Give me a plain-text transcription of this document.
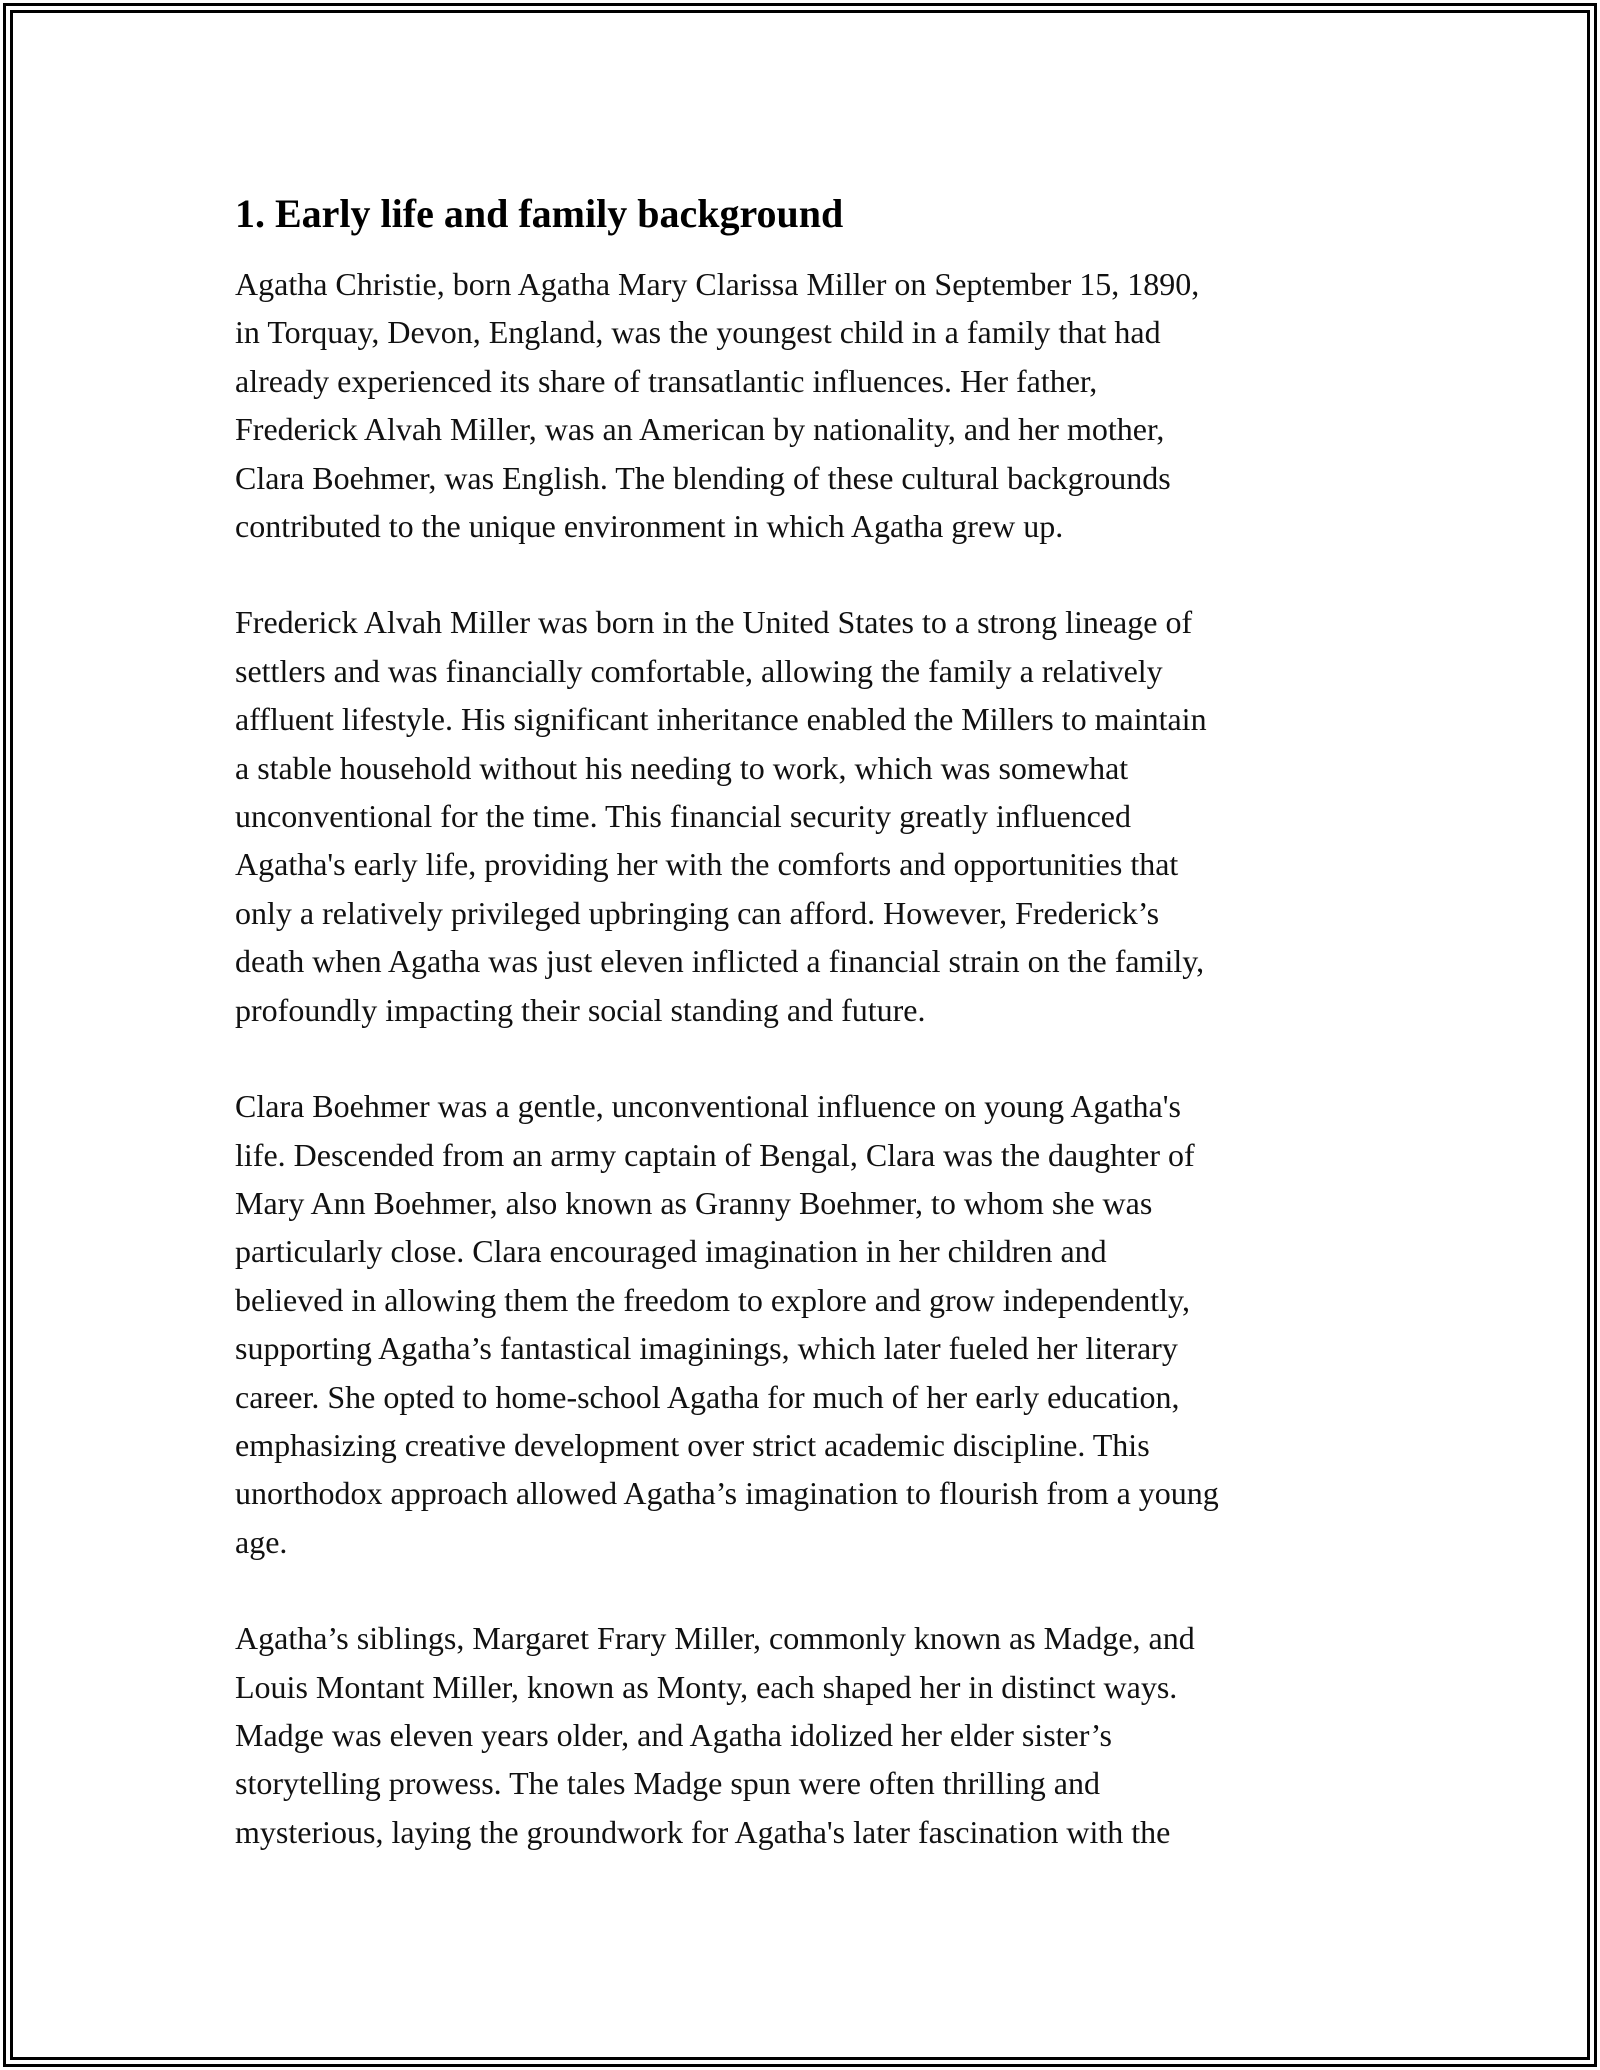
1. Early life and family background

Agatha Christie, born Agatha Mary Clarissa Miller on September 15, 1890,
in Torquay, Devon, England, was the youngest child in a family that had
already experienced its share of transatlantic influences. Her father,
Frederick Alvah Miller, was an American by nationality, and her mother,
Clara Boehmer, was English. The blending of these cultural backgrounds
contributed to the unique environment in which Agatha grew up.

Frederick Alvah Miller was born in the United States to a strong lineage of
settlers and was financially comfortable, allowing the family a relatively
affluent lifestyle. His significant inheritance enabled the Millers to maintain
a stable household without his needing to work, which was somewhat
unconventional for the time. This financial security greatly influenced
Agatha's early life, providing her with the comforts and opportunities that
only a relatively privileged upbringing can afford. However, Frederick’s
death when Agatha was just eleven inflicted a financial strain on the family,
profoundly impacting their social standing and future.

Clara Boehmer was a gentle, unconventional influence on young Agatha's
life. Descended from an army captain of Bengal, Clara was the daughter of
Mary Ann Boehmer, also known as Granny Boehmer, to whom she was
particularly close. Clara encouraged imagination in her children and
believed in allowing them the freedom to explore and grow independently,
supporting Agatha’s fantastical imaginings, which later fueled her literary
career. She opted to home-school Agatha for much of her early education,
emphasizing creative development over strict academic discipline. This
unorthodox approach allowed Agatha’s imagination to flourish from a young
age.

Agatha’s siblings, Margaret Frary Miller, commonly known as Madge, and
Louis Montant Miller, known as Monty, each shaped her in distinct ways.
Madge was eleven years older, and Agatha idolized her elder sister’s
storytelling prowess. The tales Madge spun were often thrilling and
mysterious, laying the groundwork for Agatha's later fascination with the
